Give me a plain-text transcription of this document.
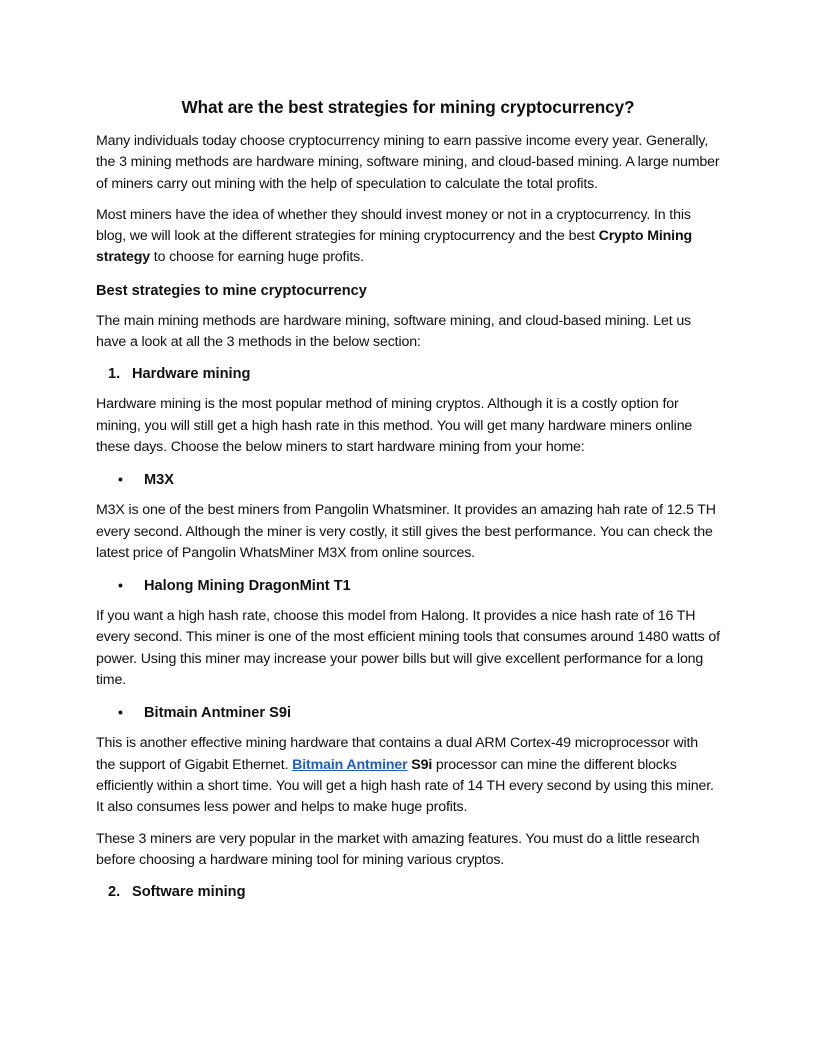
What are the best strategies for mining cryptocurrency?

Many individuals today choose cryptocurrency mining to earn passive income every year. Generally, the 3 mining methods are hardware mining, software mining, and cloud-based mining. A large number of miners carry out mining with the help of speculation to calculate the total profits.

Most miners have the idea of whether they should invest money or not in a cryptocurrency. In this blog, we will look at the different strategies for mining cryptocurrency and the best Crypto Mining strategy to choose for earning huge profits.

Best strategies to mine cryptocurrency

The main mining methods are hardware mining, software mining, and cloud-based mining. Let us have a look at all the 3 methods in the below section:

1. Hardware mining

Hardware mining is the most popular method of mining cryptos. Although it is a costly option for mining, you will still get a high hash rate in this method. You will get many hardware miners online these days. Choose the below miners to start hardware mining from your home:

•	M3X

M3X is one of the best miners from Pangolin Whatsminer. It provides an amazing hah rate of 12.5 TH every second. Although the miner is very costly, it still gives the best performance. You can check the latest price of Pangolin WhatsMiner M3X from online sources.

•	Halong Mining DragonMint T1

If you want a high hash rate, choose this model from Halong. It provides a nice hash rate of 16 TH every second. This miner is one of the most efficient mining tools that consumes around 1480 watts of power. Using this miner may increase your power bills but will give excellent performance for a long time.

•	Bitmain Antminer S9i

This is another effective mining hardware that contains a dual ARM Cortex-49 microprocessor with the support of Gigabit Ethernet. Bitmain Antminer S9i processor can mine the different blocks efficiently within a short time. You will get a high hash rate of 14 TH every second by using this miner. It also consumes less power and helps to make huge profits.

These 3 miners are very popular in the market with amazing features. You must do a little research before choosing a hardware mining tool for mining various cryptos.

2. Software mining
